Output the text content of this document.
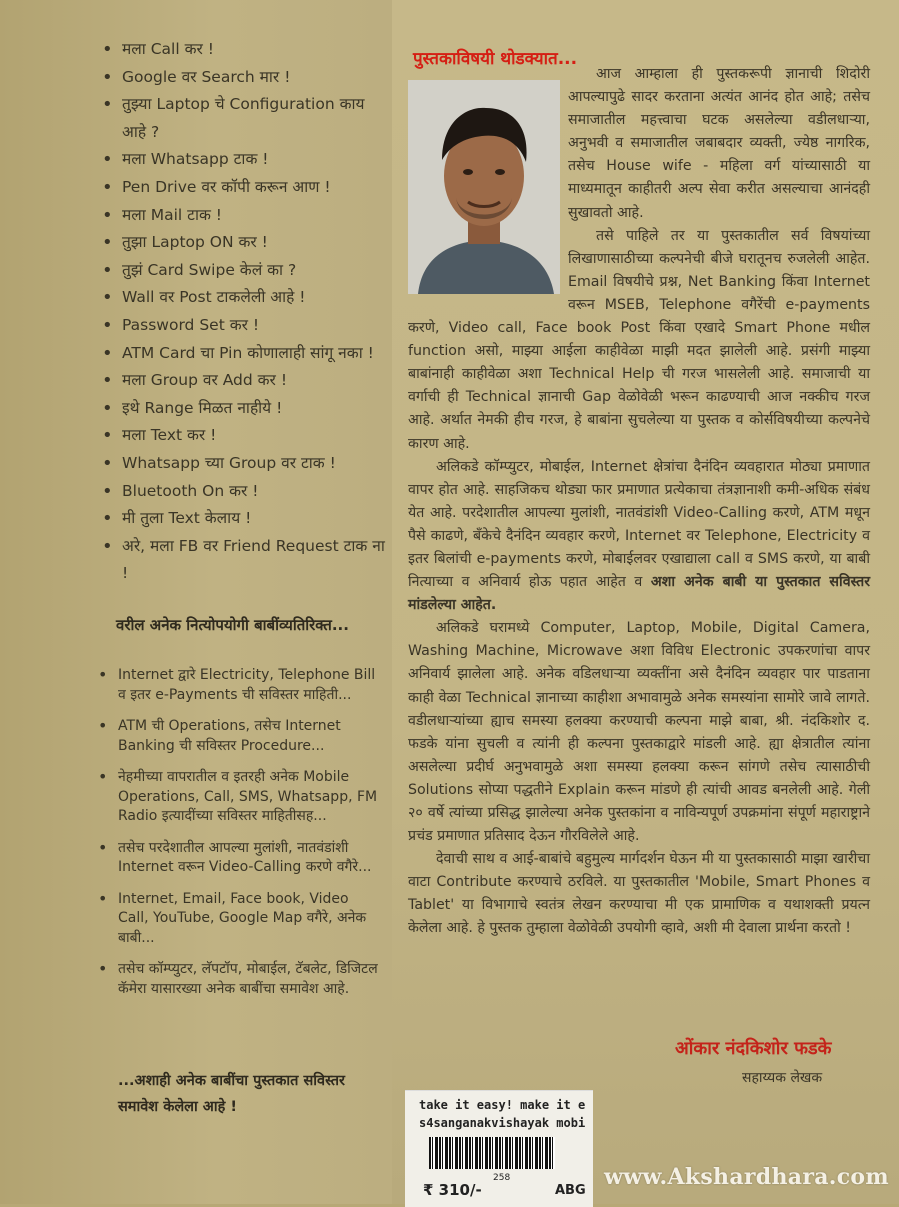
• मला Call कर !
• Google वर Search मार !
• तुझ्या Laptop चे Configuration काय आहे ?
• मला Whatsapp टाक !
• Pen Drive वर कॉपी करून आण !
• मला Mail टाक !
• तुझा Laptop ON कर !
• तुझं Card Swipe केलं का ?
• Wall वर Post टाकलेली आहे !
• Password Set कर !
• ATM Card चा Pin कोणालाही सांगू नका !
• मला Group वर Add कर !
• इथे Range मिळत नाहीये !
• मला Text कर !
• Whatsapp च्या Group वर टाक !
• Bluetooth On कर !
• मी तुला Text केलाय !
• अरे, मला FB वर Friend Request टाक ना !
वरील अनेक नित्योपयोगी बाबींव्यतिरिक्त...
• Internet द्वारे Electricity, Telephone Bill व इतर e-Payments ची सविस्तर माहिती...
• ATM ची Operations, तसेच Internet Banking ची सविस्तर Procedure...
• नेहमीच्या वापरातील व इतरही अनेक Mobile Operations, Call, SMS, Whatsapp, FM Radio इत्यादींच्या सविस्तर माहितीसह...
• तसेच परदेशातील आपल्या मुलांशी, नातवंडांशी Internet वरून Video-Calling करणे वगैरे...
• Internet, Email, Face book, Video Call, YouTube, Google Map वगैरे, अनेक बाबी...
• तसेच कॉम्प्युटर, लॅपटॉप, मोबाईल, टॅबलेट, डिजिटल कॅमेरा यासारख्या अनेक बाबींचा समावेश आहे.
...अशाही अनेक बाबींचा पुस्तकात सविस्तर समावेश केलेला आहे !
पुस्तकाविषयी थोडक्यात...

आज आम्हाला ही पुस्तकरूपी ज्ञानाची शिदोरी आपल्यापुढे सादर करताना अत्यंत आनंद होत आहे; तसेच समाजातील महत्त्वाचा घटक असलेल्या वडीलधाऱ्या, अनुभवी व समाजातील जबाबदार व्यक्ती, ज्येष्ठ नागरिक, तसेच House wife - महिला वर्ग यांच्यासाठी या माध्यमातून काहीतरी अल्प सेवा करीत असल्याचा आनंदही सुखावतो आहे.

तसे पाहिले तर या पुस्तकातील सर्व विषयांच्या लिखाणासाठीच्या कल्पनेची बीजे घरातूनच रुजलेली आहेत. Email विषयीचे प्रश्न, Net Banking किंवा Internet वरून MSEB, Telephone वगैरेंची e-payments करणे, Video call, Face book Post किंवा एखादे Smart Phone मधील function असो, माझ्या आईला काहीवेळा माझी मदत झालेली आहे. प्रसंगी माझ्या बाबांनाही काहीवेळा अशा Technical Help ची गरज भासलेली आहे. समाजाची या वर्गाची ही Technical ज्ञानाची Gap वेळोवेळी भरून काढण्याची आज नक्कीच गरज आहे. अर्थात नेमकी हीच गरज, हे बाबांना सुचलेल्या या पुस्तक व कोर्सविषयीच्या कल्पनेचे कारण आहे.

अलिकडे कॉम्प्युटर, मोबाईल, Internet क्षेत्रांचा दैनंदिन व्यवहारात मोठ्या प्रमाणात वापर होत आहे. साहजिकच थोड्या फार प्रमाणात प्रत्येकाचा तंत्रज्ञानाशी कमी-अधिक संबंध येत आहे. परदेशातील आपल्या मुलांशी, नातवंडांशी Video-Calling करणे, ATM मधून पैसे काढणे, बँकेचे दैनंदिन व्यवहार करणे, Internet वर Telephone, Electricity व इतर बिलांची e-payments करणे, मोबाईलवर एखाद्याला call व SMS करणे, या बाबी नित्याच्या व अनिवार्य होऊ पहात आहेत व अशा अनेक बाबी या पुस्तकात सविस्तर मांडलेल्या आहेत.

अलिकडे घरामध्ये Computer, Laptop, Mobile, Digital Camera, Washing Machine, Microwave अशा विविध Electronic उपकरणांचा वापर अनिवार्य झालेला आहे. अनेक वडिलधाऱ्या व्यक्तींना असे दैनंदिन व्यवहार पार पाडताना काही वेळा Technical ज्ञानाच्या काहीशा अभावामुळे अनेक समस्यांना सामोरे जावे लागते. वडीलधाऱ्यांच्या ह्याच समस्या हलक्या करण्याची कल्पना माझे बाबा, श्री. नंदकिशोर द. फडके यांना सुचली व त्यांनी ही कल्पना पुस्तकाद्वारे मांडली आहे. ह्या क्षेत्रातील त्यांना असलेल्या प्रदीर्घ अनुभवामुळे अशा समस्या हलक्या करून सांगणे तसेच त्यासाठीची Solutions सोप्या पद्धतीने Explain करून मांडणे ही त्यांची आवड बनलेली आहे. गेली २० वर्षे त्यांच्या प्रसिद्ध झालेल्या अनेक पुस्तकांना व नाविन्यपूर्ण उपक्रमांना संपूर्ण महाराष्ट्राने प्रचंड प्रमाणात प्रतिसाद देऊन गौरविलेले आहे.

देवाची साथ व आई-बाबांचे बहुमुल्य मार्गदर्शन घेऊन मी या पुस्तकासाठी माझा खारीचा वाटा Contribute करण्याचे ठरविले. या पुस्तकातील 'Mobile, Smart Phones व Tablet' या विभागाचे स्वतंत्र लेखन करण्याचा मी एक प्रामाणिक व यथाशक्ती प्रयत्न केलेला आहे. हे पुस्तक तुम्हाला वेळोवेळी उपयोगी व्हावे, अशी मी देवाला प्रार्थना करतो !

ओंकार नंदकिशोर फडके
सहाय्यक लेखक
take it easy! make it e
s4sanganakvishayak mobi
₹ 310/-
258
ABG
www.Akshardhara.com
